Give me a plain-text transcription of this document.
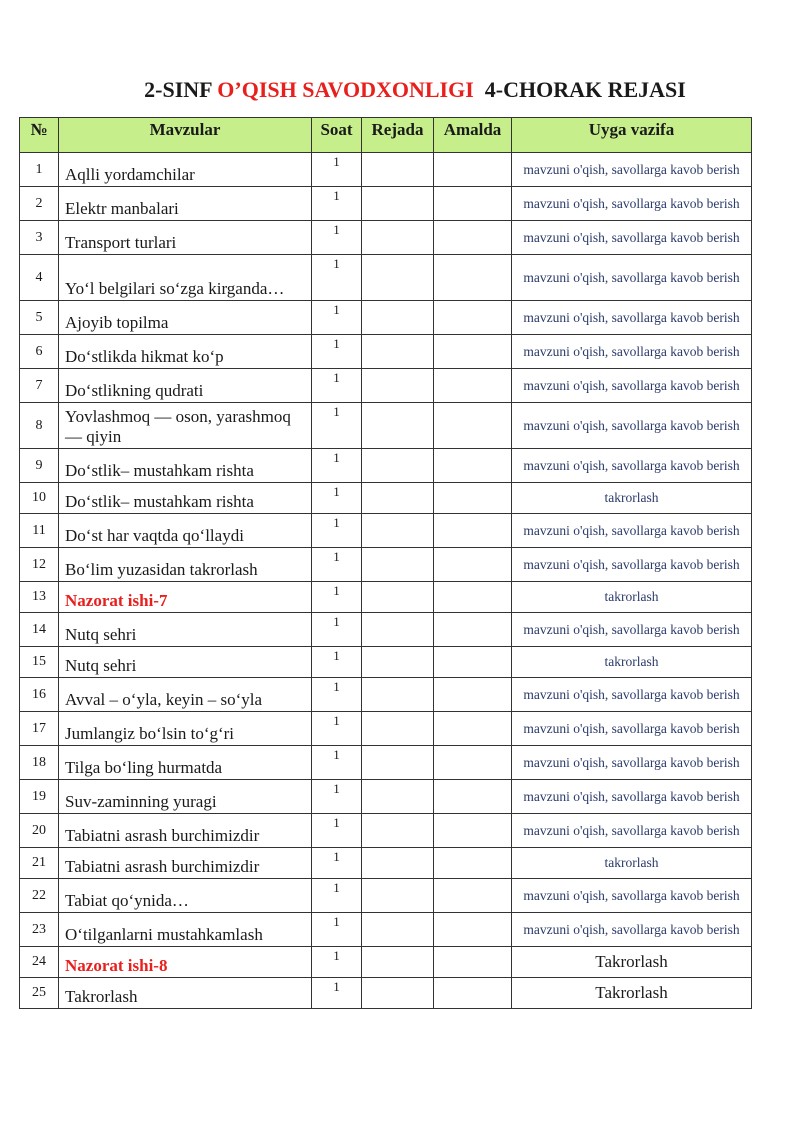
2-SINF O’QISH SAVODXONLIGI  4-CHORAK REJASI
№	Mavzular	Soat	Rejada	Amalda	Uyga vazifa
1	Aqlli yordamchilar	1			mavzuni o'qish, savollarga kavob berish
2	Elektr manbalari	1			mavzuni o'qish, savollarga kavob berish
3	Transport turlari	1			mavzuni o'qish, savollarga kavob berish
4	Yo‘l belgilari so‘zga kirganda…	1			mavzuni o'qish, savollarga kavob berish
5	Ajoyib topilma	1			mavzuni o'qish, savollarga kavob berish
6	Do‘stlikda hikmat ko‘p	1			mavzuni o'qish, savollarga kavob berish
7	Do‘stlikning qudrati	1			mavzuni o'qish, savollarga kavob berish
8	Yovlashmoq — oson, yarashmoq — qiyin	1			mavzuni o'qish, savollarga kavob berish
9	Do‘stlik– mustahkam rishta	1			mavzuni o'qish, savollarga kavob berish
10	Do‘stlik– mustahkam rishta	1			takrorlash
11	Do‘st har vaqtda qo‘llaydi	1			mavzuni o'qish, savollarga kavob berish
12	Bo‘lim yuzasidan takrorlash	1			mavzuni o'qish, savollarga kavob berish
13	Nazorat ishi-7	1			takrorlash
14	Nutq sehri	1			mavzuni o'qish, savollarga kavob berish
15	Nutq sehri	1			takrorlash
16	Avval – o‘yla, keyin – so‘yla	1			mavzuni o'qish, savollarga kavob berish
17	Jumlangiz bo‘lsin to‘g‘ri	1			mavzuni o'qish, savollarga kavob berish
18	Tilga bo‘ling hurmatda	1			mavzuni o'qish, savollarga kavob berish
19	Suv-zaminning yuragi	1			mavzuni o'qish, savollarga kavob berish
20	Tabiatni asrash burchimizdir	1			mavzuni o'qish, savollarga kavob berish
21	Tabiatni asrash burchimizdir	1			takrorlash
22	Tabiat qo‘ynida…	1			mavzuni o'qish, savollarga kavob berish
23	O‘tilganlarni mustahkamlash	1			mavzuni o'qish, savollarga kavob berish
24	Nazorat ishi-8	1			Takrorlash
25	Takrorlash	1			Takrorlash
